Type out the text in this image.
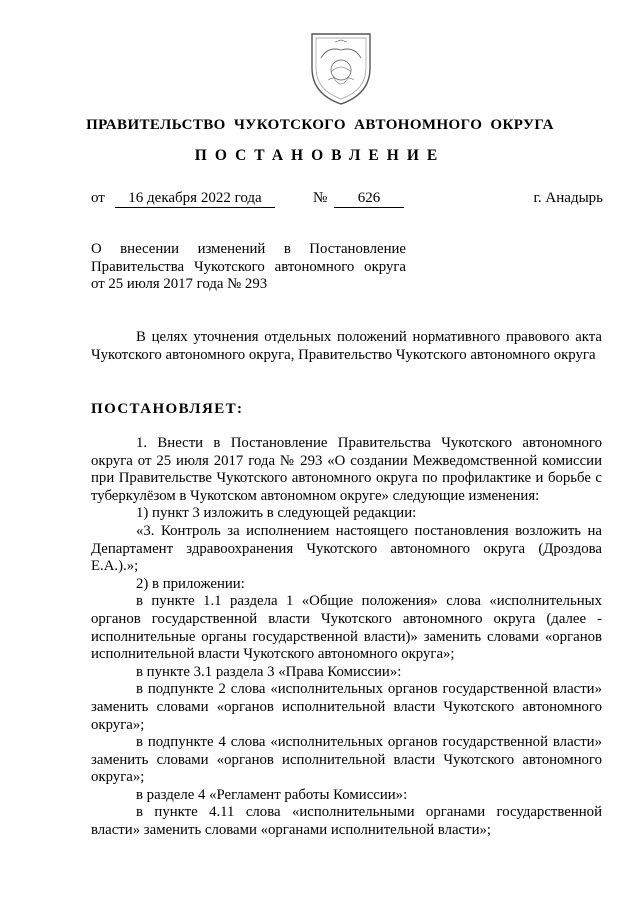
ПРАВИТЕЛЬСТВО ЧУКОТСКОГО АВТОНОМНОГО ОКРУГА
ПОСТАНОВЛЕНИЕ
от	16 декабря 2022 года	№	626	г. Анадырь
О внесении изменений в Постановление
Правительства Чукотского автономного округа
от 25 июля 2017 года № 293
В целях уточнения отдельных положений нормативного правового акта Чукотского автономного округа, Правительство Чукотского автономного округа
ПОСТАНОВЛЯЕТ:

1. Внести в Постановление Правительства Чукотского автономного округа от 25 июля 2017 года № 293 «О создании Межведомственной комиссии при Правительстве Чукотского автономного округа по профилактике и борьбе с туберкулёзом в Чукотском автономном округе» следующие изменения:

1) пункт 3 изложить в следующей редакции:

«3. Контроль за исполнением настоящего постановления возложить на Департамент здравоохранения Чукотского автономного округа (Дроздова Е.А.).»;

2) в приложении:

в пункте 1.1 раздела 1 «Общие положения» слова «исполнительных органов государственной власти Чукотского автономного округа (далее - исполнительные органы государственной власти)» заменить словами «органов исполнительной власти Чукотского автономного округа»;

в пункте 3.1 раздела 3 «Права Комиссии»:

в подпункте 2 слова «исполнительных органов государственной власти» заменить словами «органов исполнительной власти Чукотского автономного округа»;

в подпункте 4 слова «исполнительных органов государственной власти» заменить словами «органов исполнительной власти Чукотского автономного округа»;

в разделе 4 «Регламент работы Комиссии»:

в пункте 4.11 слова «исполнительными органами государственной власти» заменить словами «органами исполнительной власти»;
